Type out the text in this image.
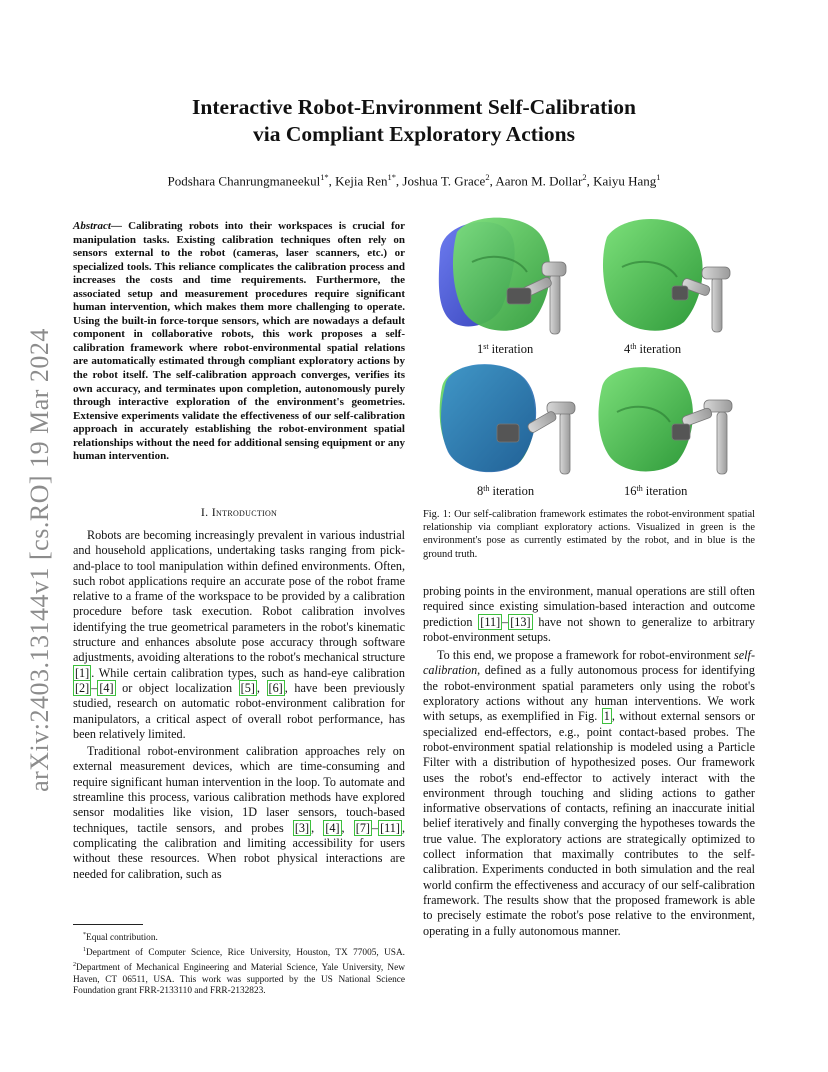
Interactive Robot-Environment Self-Calibration
via Compliant Exploratory Actions
Podshara Chanrungmaneekul$^{1*}$, Kejia Ren$^{1*}$, Joshua T. Grace$^2$, Aaron M. Dollar$^2$, Kaiyu Hang$^1$
arXiv:2403.13144v1 [cs.RO] 19 Mar 2024
Abstract— Calibrating robots into their workspaces is crucial for manipulation tasks. Existing calibration techniques often rely on sensors external to the robot (cameras, laser scanners, etc.) or specialized tools. This reliance complicates the calibration process and increases the costs and time requirements. Furthermore, the associated setup and measurement procedures require significant human intervention, which makes them more challenging to operate. Using the built-in force-torque sensors, which are nowadays a default component in collaborative robots, this work proposes a self-calibration framework where robot-environmental spatial relations are automatically estimated through compliant exploratory actions by the robot itself. The self-calibration approach converges, verifies its own accuracy, and terminates upon completion, autonomously purely through interactive exploration of the environment's geometries. Extensive experiments validate the effectiveness of our self-calibration approach in accurately establishing the robot-environment spatial relationships without the need for additional sensing equipment or any human intervention.
I. Introduction

Robots are becoming increasingly prevalent in various industrial and household applications, undertaking tasks ranging from pick-and-place to tool manipulation within defined environments. Often, such robot applications require an accurate pose of the robot frame relative to a frame of the workspace to be provided by a calibration procedure before task execution. Robot calibration involves identifying the true geometrical parameters in the robot's kinematic structure and enhances absolute pose accuracy through software adjustments, avoiding alterations to the robot's mechanical structure [1] . While certain calibration types, such as hand-eye calibration [2] – [4] or object localization [5] , [6] , have been previously studied, research on automatic robot-environment calibration for manipulators, a critical aspect of overall robot performance, has been relatively limited.

Traditional robot-environment calibration approaches rely on external measurement devices, which are time-consuming and require significant human intervention in the loop. To automate and streamline this process, various calibration methods have explored sensor modalities like vision, 1D laser sensors, touch-based techniques, tactile sensors, and probes [3] , [4] , [7] – [11] , complicating the calibration and limiting accessibility for users without these resources. When robot physical interactions are needed for calibration, such as

*Equal contribution.
$^1$Department of Computer Science, Rice University, Houston, TX 77005, USA. $^2$Department of Mechanical Engineering and Material Science, Yale University, New Haven, CT 06511, USA. This work was supported by the US National Science Foundation grant FRR-2133110 and FRR-2132823.
1st iteration	4th iteration
8th iteration	16th iteration
Fig. 1: Our self-calibration framework estimates the robot-environment spatial relationship via compliant exploratory actions. Visualized in green is the environment's pose as currently estimated by the robot, and in blue is the ground truth.

probing points in the environment, manual operations are still often required since existing simulation-based interaction and outcome prediction [11] – [13] have not shown to generalize to arbitrary robot-environment setups.

To this end, we propose a framework for robot-environment self-calibration, defined as a fully autonomous process for identifying the robot-environment spatial parameters only using the robot's exploratory actions without any human interventions. We work with setups, as exemplified in Fig. 1 , without external sensors or specialized end-effectors, e.g., point contact-based probes. The robot-environment spatial relationship is modeled using a Particle Filter with a distribution of hypothesized poses. Our framework uses the robot's end-effector to actively interact with the environment through touching and sliding actions to gather informative observations of contacts, refining an inaccurate initial belief iteratively and finally converging the hypotheses towards the true value. The exploratory actions are strategically optimized to collect information that maximally contributes to the self-calibration. Experiments conducted in both simulation and the real world confirm the effectiveness and accuracy of our self-calibration framework. The results show that the proposed framework is able to precisely estimate the robot's pose relative to the environment, operating in a fully autonomous manner.
